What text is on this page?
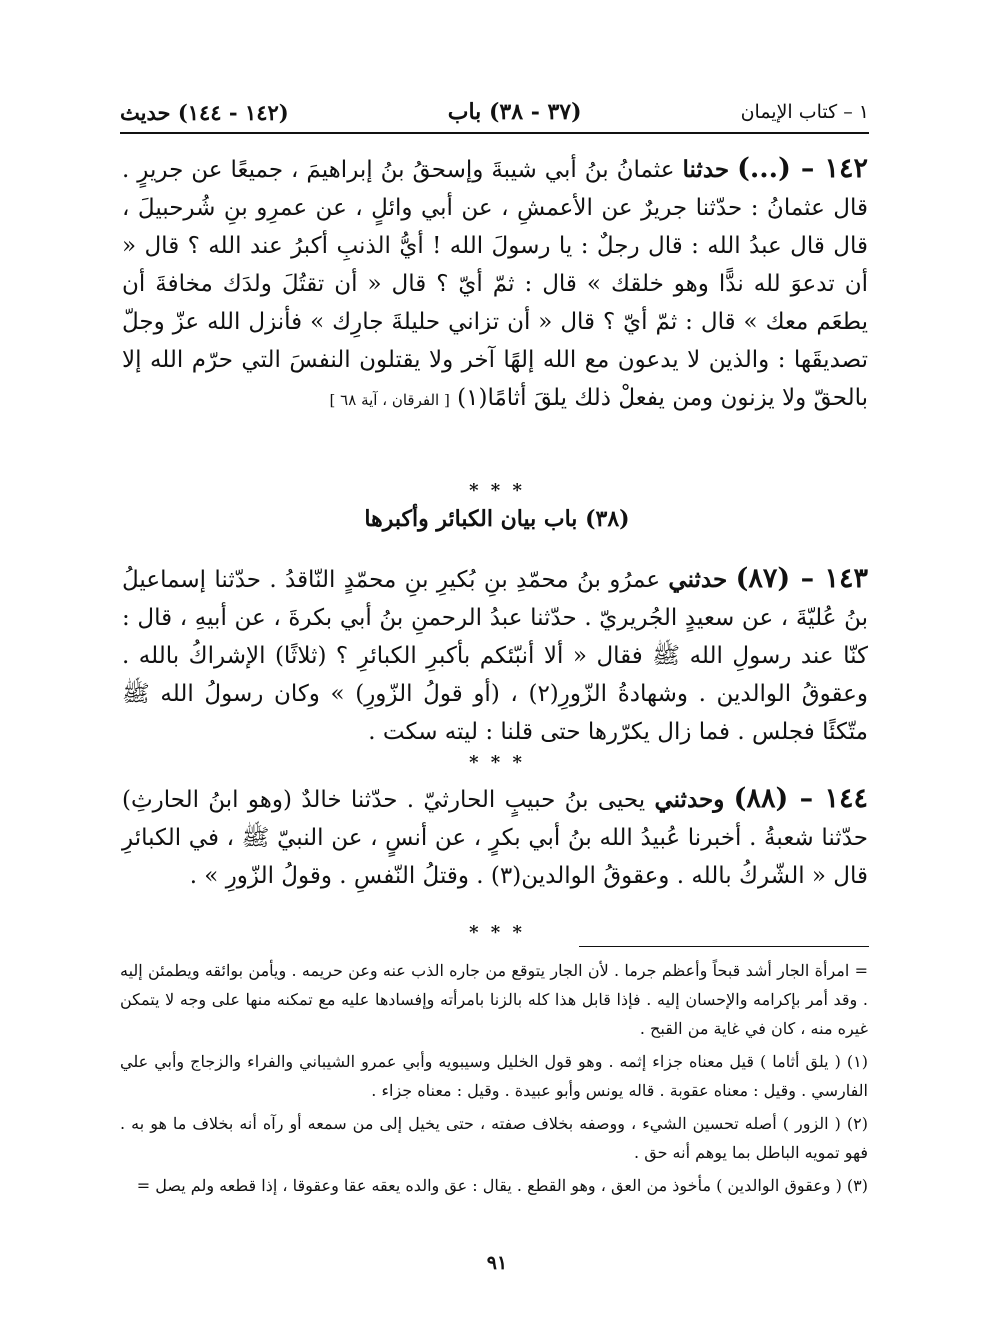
١ – كتاب الإيمان
(٣٧ - ٣٨) باب
(١٤٢ - ١٤٤) حديث
١٤٢ – (...) حدثنا عثمانُ بنُ أبي شيبةَ وإسحقُ بنُ إبراهيمَ ، جميعًا عن جريرٍ . قال عثمانُ : حدّثنا جريرٌ عن الأعمشِ ، عن أبي وائلٍ ، عن عمرِو بنِ شُرحبيلَ ، قال قال عبدُ الله : قال رجلٌ : يا رسولَ الله ! أيُّ الذنبِ أكبرُ عند الله ؟ قال « أن تدعوَ لله ندًّا وهو خلقك » قال : ثمّ أيّ ؟ قال « أن تقتُلَ ولدَك مخافةَ أن يطعَم معك » قال : ثمّ أيّ ؟ قال « أن تزاني حليلةَ جارِك » فأنزل الله عزّ وجلّ تصديقَها : والذين لا يدعون مع الله إلهًا آخر ولا يقتلون النفسَ التي حرّم الله إلا بالحقّ ولا يزنون ومن يفعلْ ذلك يلقَ أثامًا(١) [ الفرقان ، آية ٦٨ ]
* * *
(٣٨) باب بيان الكبائر وأكبرها
١٤٣ – (٨٧) حدثني عمرُو بنُ محمّدِ بنِ بُكيرِ بنِ محمّدٍ النّاقدُ . حدّثنا إسماعيلُ بنُ عُليّةَ ، عن سعيدٍ الجُريريّ . حدّثنا عبدُ الرحمنِ بنُ أبي بكرةَ ، عن أبيهِ ، قال : كنّا عند رسولِ الله ﷺ فقال « ألا أنبّئكم بأكبرِ الكبائرِ ؟ (ثلاثًا) الإشراكُ بالله . وعقوقُ الوالدين . وشهادةُ الزّورِ(٢) ، (أو قولُ الزّورِ) » وكان رسولُ الله ﷺ متّكئًا فجلس . فما زال يكرّرها حتى قلنا : ليته سكت .
* * *
١٤٤ – (٨٨) وحدثني يحيى بنُ حبيبٍ الحارثيّ . حدّثنا خالدٌ (وهو ابنُ الحارثِ) حدّثنا شعبةُ . أخبرنا عُبيدُ الله بنُ أبي بكرٍ ، عن أنسٍ ، عن النبيّ ﷺ ، في الكبائرِ قال « الشّركُ بالله . وعقوقُ الوالدين(٣) . وقتلُ النّفسِ . وقولُ الزّورِ » .
* * *

= امرأة الجار أشد قبحاً وأعظم جرما . لأن الجار يتوقع من جاره الذب عنه وعن حريمه . ويأمن بوائقه ويطمئن إليه . وقد أمر بإكرامه والإحسان إليه . فإذا قابل هذا كله بالزنا بامرأته وإفسادها عليه مع تمكنه منها على وجه لا يتمكن غيره منه ، كان في غاية من القبح .

(١) ( يلق أثاما ) قيل معناه جزاء إثمه . وهو قول الخليل وسيبويه وأبي عمرو الشيباني والفراء والزجاج وأبي علي الفارسي . وقيل : معناه عقوبة . قاله يونس وأبو عبيدة . وقيل : معناه جزاء .

(٢) ( الزور ) أصله تحسين الشيء ، ووصفه بخلاف صفته ، حتى يخيل إلى من سمعه أو رآه أنه بخلاف ما هو به . فهو تمويه الباطل بما يوهم أنه حق .

(٣) ( وعقوق الوالدين ) مأخوذ من العق ، وهو القطع . يقال : عق والده يعقه عقا وعقوقا ، إذا قطعه ولم يصل =

٩١
